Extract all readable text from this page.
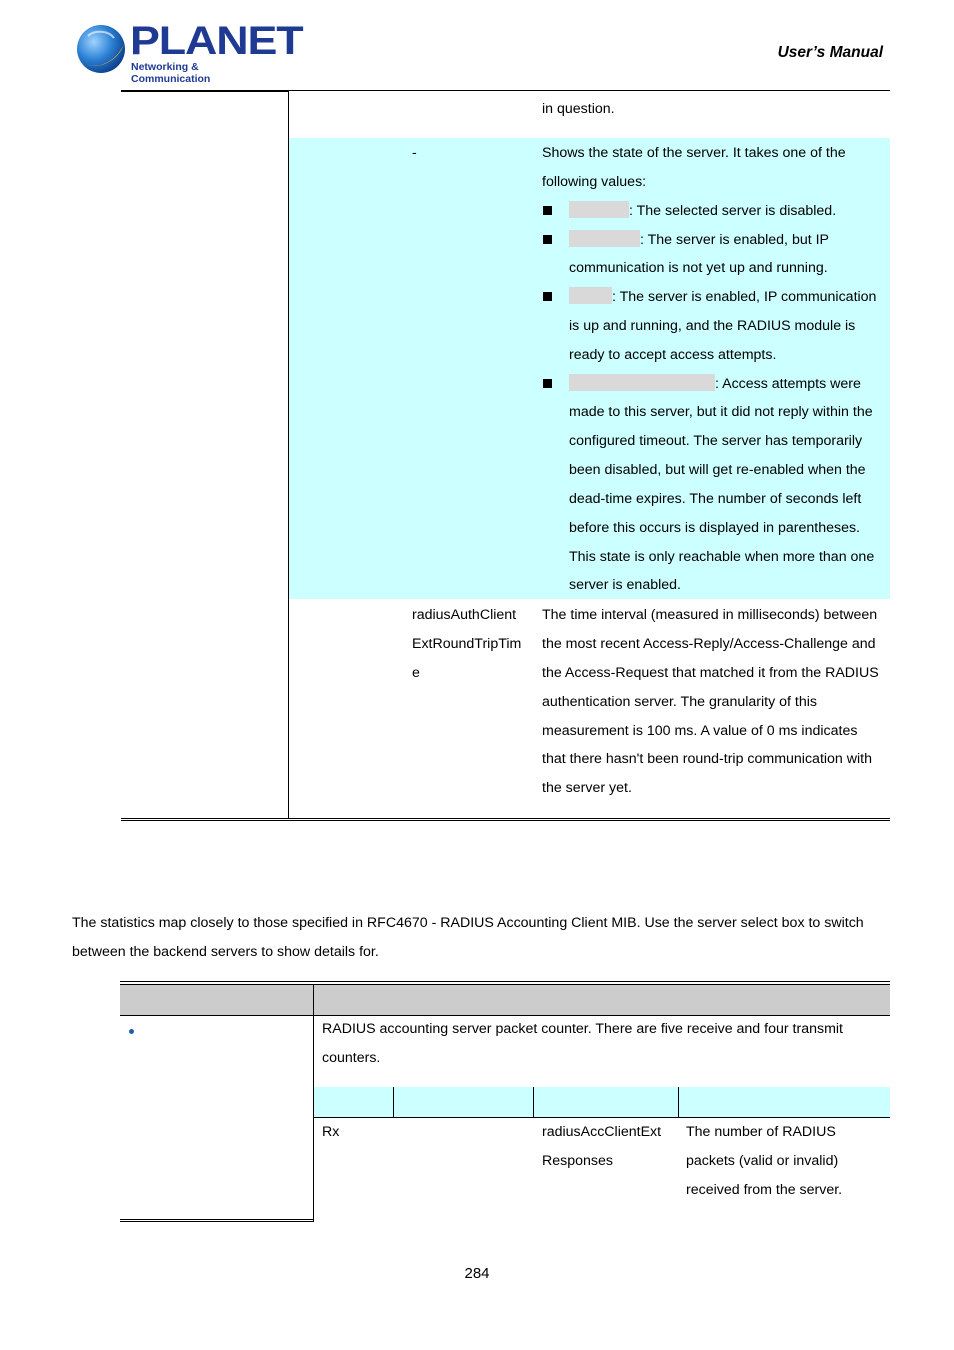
PLANET
Networking & Communication
User’s Manual
in question.
-	Shows the state of the server. It takes one of the
following values:
: The selected server is disabled.
: The server is enabled, but IP
communication is not yet up and running.
: The server is enabled, IP communication
is up and running, and the RADIUS module is
ready to accept access attempts.
: Access attempts were
made to this server, but it did not reply within the
configured timeout. The server has temporarily
been disabled, but will get re-enabled when the
dead-time expires. The number of seconds left
before this occurs is displayed in parentheses.
This state is only reachable when more than one
server is enabled.
radiusAuthClient
ExtRoundTripTim
e
The time interval (measured in milliseconds) between
the most recent Access-Reply/Access-Challenge and
the Access-Request that matched it from the RADIUS
authentication server. The granularity of this
measurement is 100 ms. A value of 0 ms indicates
that there hasn't been round-trip communication with
the server yet.
The statistics map closely to those specified in RFC4670 - RADIUS Accounting Client MIB. Use the server select box to switch
between the backend servers to show details for.
RADIUS accounting server packet counter. There are five receive and four transmit
counters.
Rx	radiusAccClientExt
Responses
The number of RADIUS
packets (valid or invalid)
received from the server.
284
